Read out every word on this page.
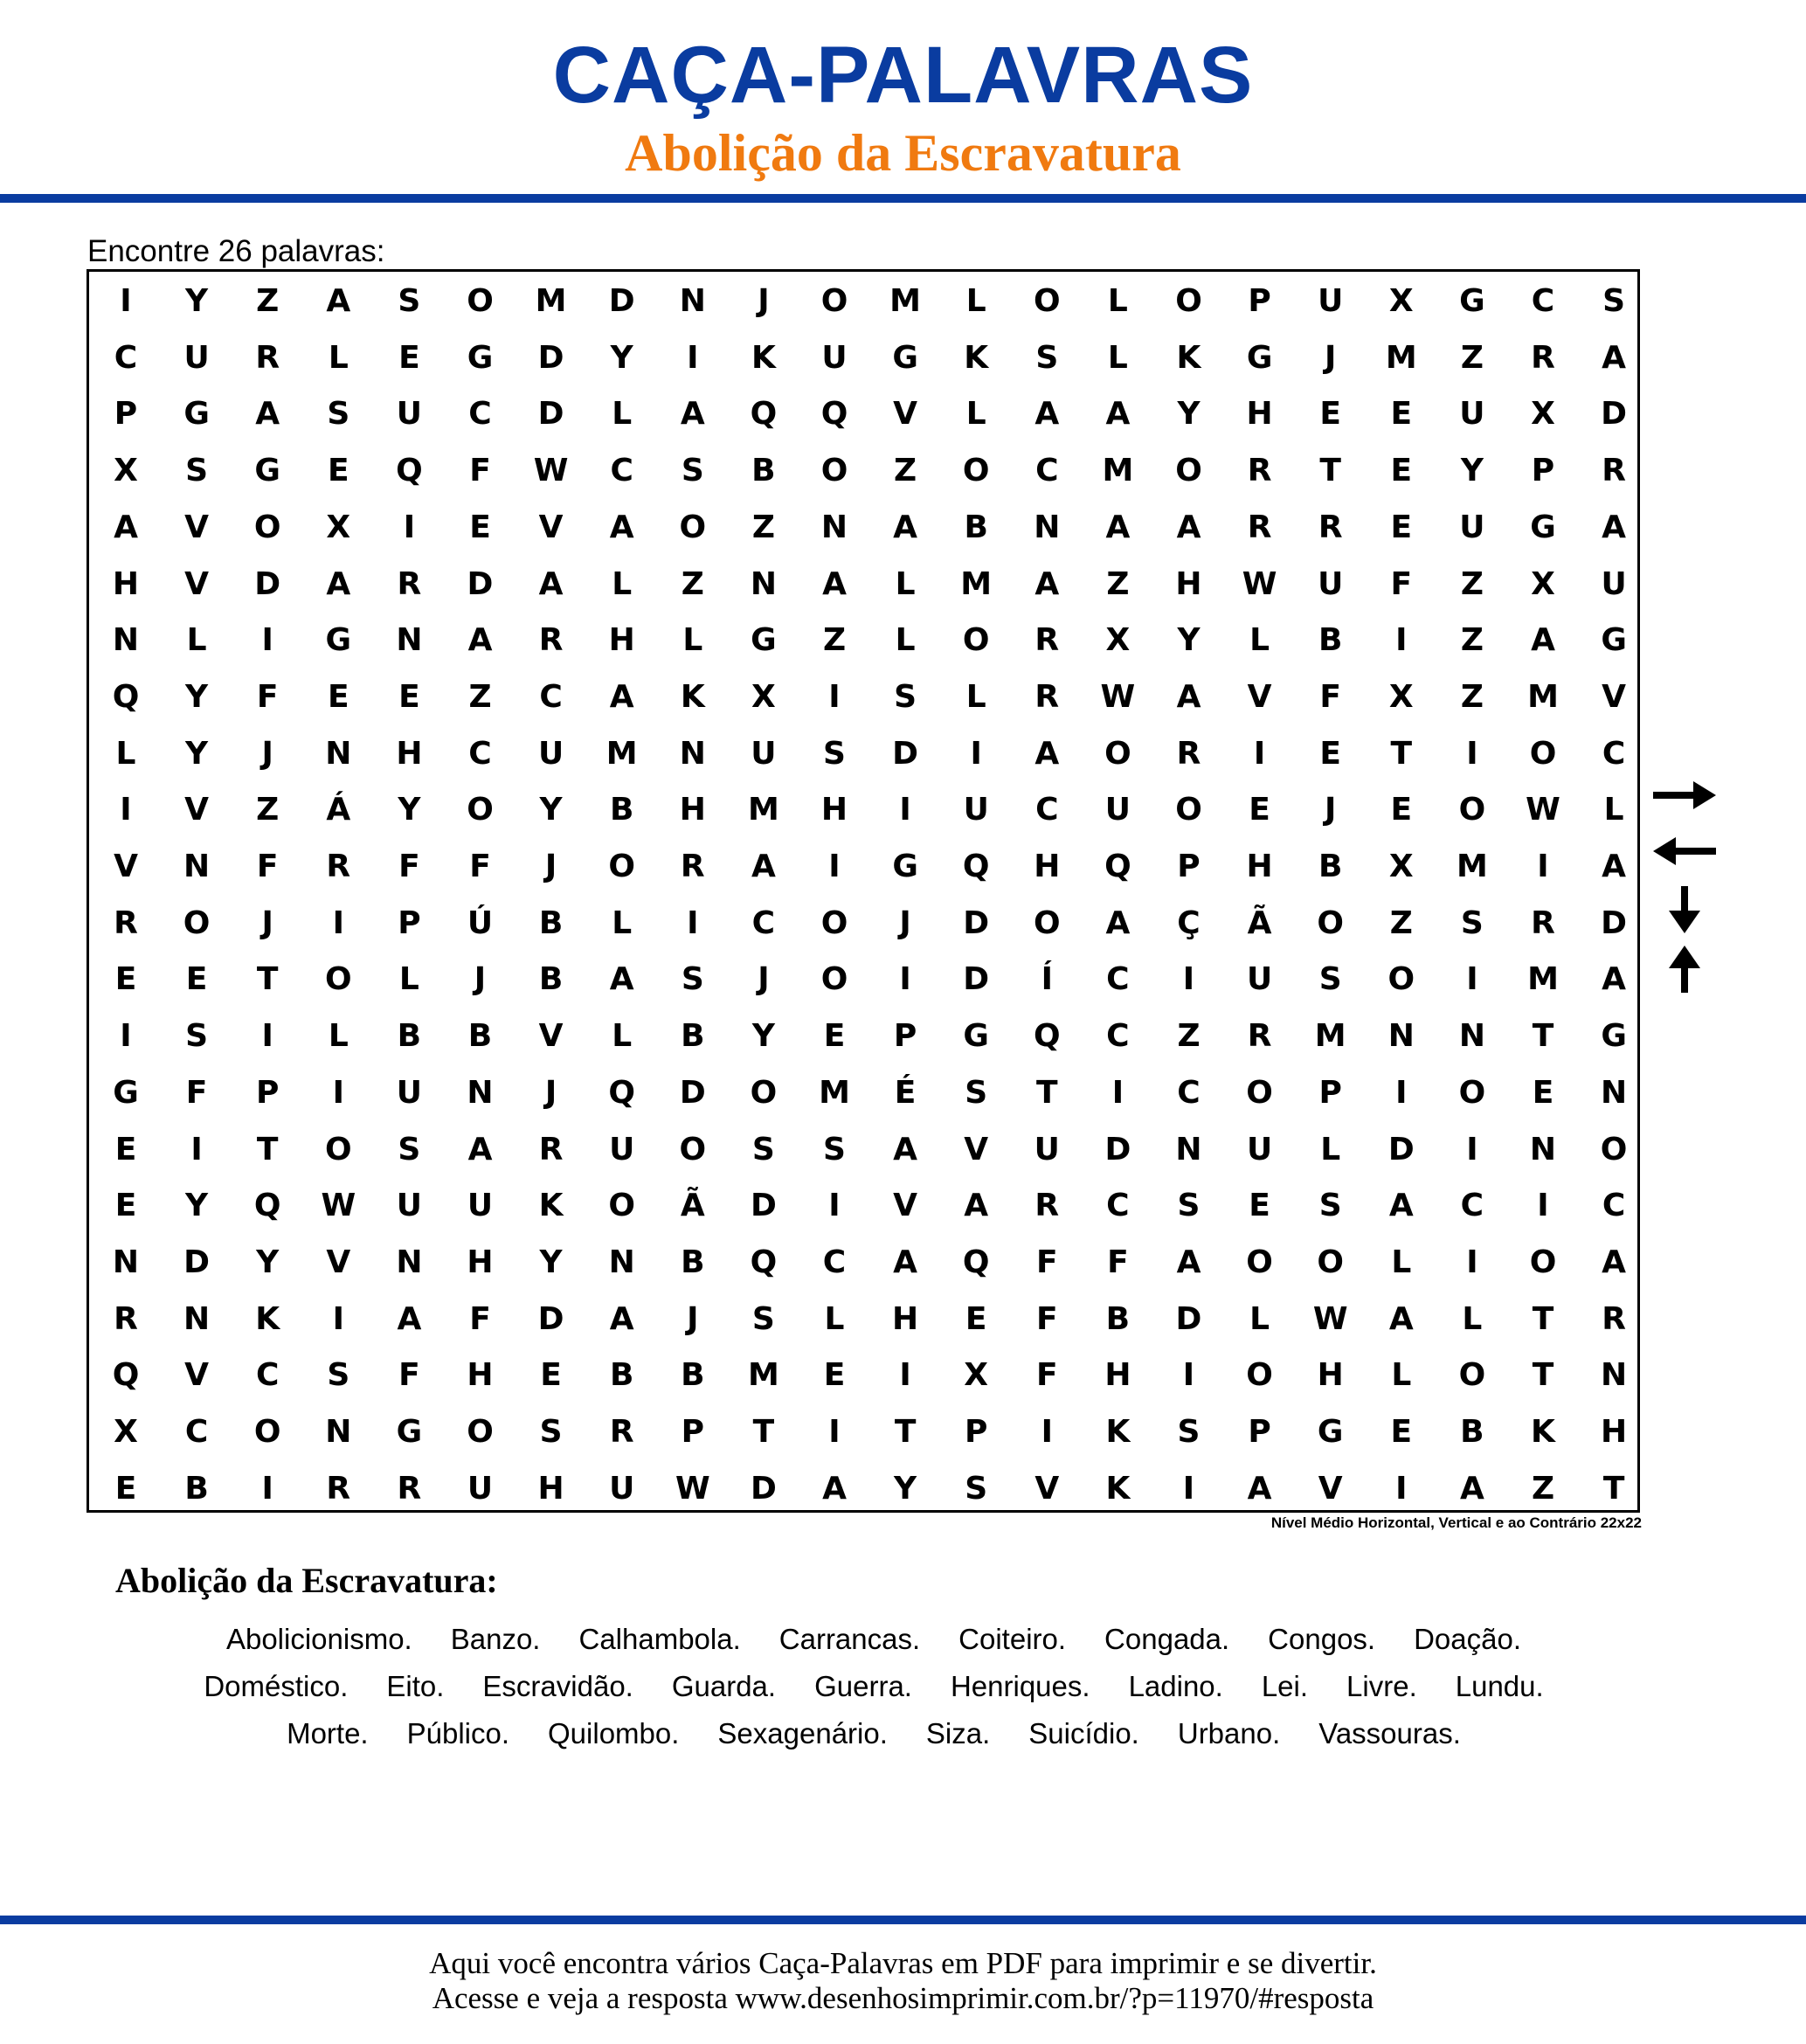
CAÇA-PALAVRAS
Abolição da Escravatura
Encontre 26 palavras:
I	Y	Z	A	S	O	M	D	N	J	O	M	L	O	L	O	P	U	X	G	C	S
C	U	R	L	E	G	D	Y	I	K	U	G	K	S	L	K	G	J	M	Z	R	A
P	G	A	S	U	C	D	L	A	Q	Q	V	L	A	A	Y	H	E	E	U	X	D
X	S	G	E	Q	F	W	C	S	B	O	Z	O	C	M	O	R	T	E	Y	P	R
A	V	O	X	I	E	V	A	O	Z	N	A	B	N	A	A	R	R	E	U	G	A
H	V	D	A	R	D	A	L	Z	N	A	L	M	A	Z	H	W	U	F	Z	X	U
N	L	I	G	N	A	R	H	L	G	Z	L	O	R	X	Y	L	B	I	Z	A	G
Q	Y	F	E	E	Z	C	A	K	X	I	S	L	R	W	A	V	F	X	Z	M	V
L	Y	J	N	H	C	U	M	N	U	S	D	I	A	O	R	I	E	T	I	O	C
I	V	Z	Á	Y	O	Y	B	H	M	H	I	U	C	U	O	E	J	E	O	W	L
V	N	F	R	F	F	J	O	R	A	I	G	Q	H	Q	P	H	B	X	M	I	A
R	O	J	I	P	Ú	B	L	I	C	O	J	D	O	A	Ç	Ã	O	Z	S	R	D
E	E	T	O	L	J	B	A	S	J	O	I	D	Í	C	I	U	S	O	I	M	A
I	S	I	L	B	B	V	L	B	Y	E	P	G	Q	C	Z	R	M	N	N	T	G
G	F	P	I	U	N	J	Q	D	O	M	É	S	T	I	C	O	P	I	O	E	N
E	I	T	O	S	A	R	U	O	S	S	A	V	U	D	N	U	L	D	I	N	O
E	Y	Q	W	U	U	K	O	Ã	D	I	V	A	R	C	S	E	S	A	C	I	C
N	D	Y	V	N	H	Y	N	B	Q	C	A	Q	F	F	A	O	O	L	I	O	A
R	N	K	I	A	F	D	A	J	S	L	H	E	F	B	D	L	W	A	L	T	R
Q	V	C	S	F	H	E	B	B	M	E	I	X	F	H	I	O	H	L	O	T	N
X	C	O	N	G	O	S	R	P	T	I	T	P	I	K	S	P	G	E	B	K	H
E	B	I	R	R	U	H	U	W	D	A	Y	S	V	K	I	A	V	I	A	Z	T
Nível Médio Horizontal, Vertical e ao Contrário 22x22
Abolição da Escravatura:
Abolicionismo. Banzo. Calhambola. Carrancas. Coiteiro. Congada. Congos. Doação.
Doméstico. Eito. Escravidão. Guarda. Guerra. Henriques. Ladino. Lei. Livre. Lundu.
Morte. Público. Quilombo. Sexagenário. Siza. Suicídio. Urbano. Vassouras.
Aqui você encontra vários Caça-Palavras em PDF para imprimir e se divertir.
Acesse e veja a resposta www.desenhosimprimir.com.br/?p=11970/#resposta
